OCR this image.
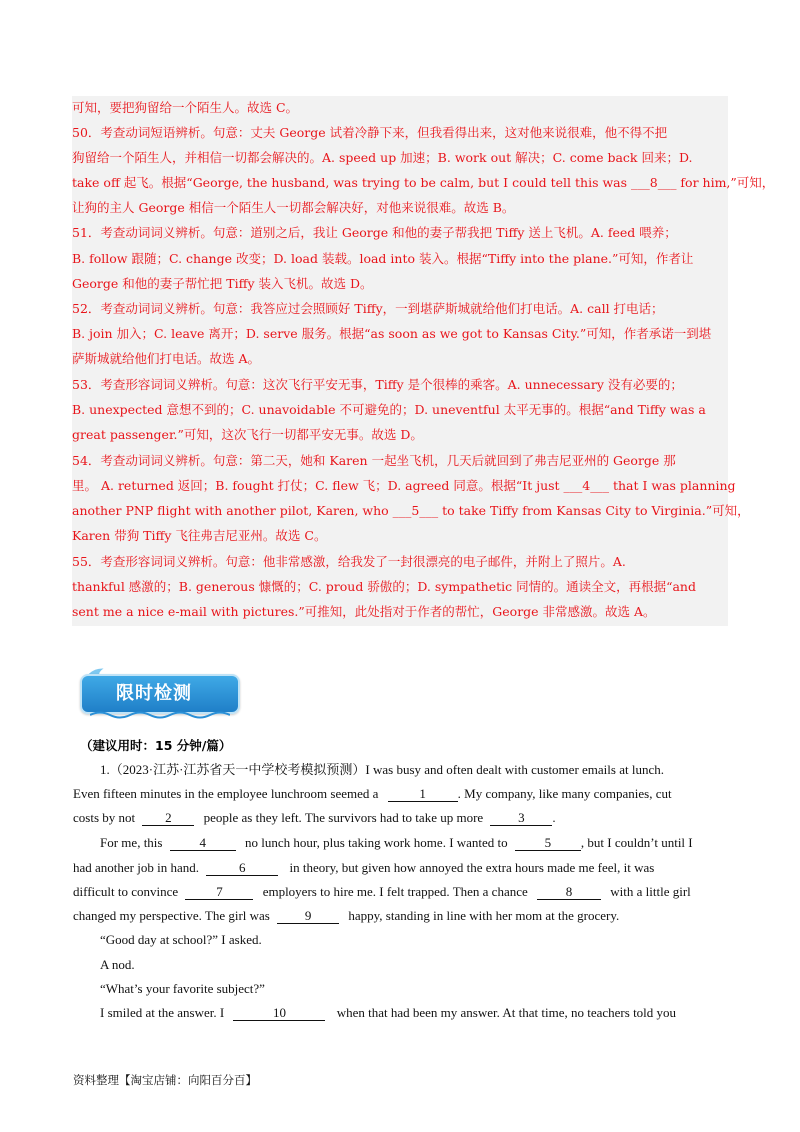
可知，要把狗留给一个陌生人。故选 C。
50．考查动词短语辨析。句意：丈夫 George 试着冷静下来，但我看得出来，这对他来说很难，他不得不把
狗留给一个陌生人，并相信一切都会解决的。A. speed up 加速；B. work out 解决；C. come back 回来；D.
take off 起飞。根据“George, the husband, was trying to be calm, but I could tell this was ___8___ for him,”可知，
让狗的主人 George 相信一个陌生人一切都会解决好，对他来说很难。故选 B。
51．考查动词词义辨析。句意：道别之后，我让 George 和他的妻子帮我把 Tiffy 送上飞机。A. feed 喂养；
B. follow 跟随；C. change 改变；D. load 装载。load into 装入。根据“Tiffy into the plane.”可知，作者让
George 和他的妻子帮忙把 Tiffy 装入飞机。故选 D。
52．考查动词词义辨析。句意：我答应过会照顾好 Tiffy，一到堪萨斯城就给他们打电话。A. call 打电话；
B. join 加入；C. leave 离开；D. serve 服务。根据“as soon as we got to Kansas City.”可知，作者承诺一到堪
萨斯城就给他们打电话。故选 A。
53．考查形容词词义辨析。句意：这次飞行平安无事，Tiffy 是个很棒的乘客。A. unnecessary 没有必要的；
B. unexpected 意想不到的；C. unavoidable 不可避免的；D. uneventful 太平无事的。根据“and Tiffy was a
great passenger.”可知，这次飞行一切都平安无事。故选 D。
54．考查动词词义辨析。句意：第二天，她和 Karen 一起坐飞机，几天后就回到了弗吉尼亚州的 George 那
里。 A. returned 返回；B. fought 打仗；C. flew 飞；D. agreed 同意。根据“It just ___4___ that I was planning
another PNP flight with another pilot, Karen, who ___5___ to take Tiffy from Kansas City to Virginia.”可知，
Karen 带狗 Tiffy 飞往弗吉尼亚州。故选 C。
55．考查形容词词义辨析。句意：他非常感激，给我发了一封很漂亮的电子邮件，并附上了照片。A.
thankful 感激的；B. generous 慷慨的；C. proud 骄傲的；D. sympathetic 同情的。通读全文，再根据“and
sent me a nice e-mail with pictures.”可推知，此处指对于作者的帮忙，George 非常感激。故选 A。
限时检测
（建议用时：15 分钟/篇）
1.（2023·江苏·江苏省天一中学校考模拟预测）I was busy and often dealt with customer emails at lunch.
Even fifteen minutes in the employee lunchroom seemed a	1 . My company, like many companies, cut
costs by not 2 people as they left. The survivors had to take up more	3 .
For me, this	4	no lunch hour, plus taking work home. I wanted to	5 , but I couldn’t until I
had another job in hand.	6	in theory, but given how annoyed the extra hours made me feel, it was
difficult to convince	7	employers to hire me. I felt trapped. Then a chance	8	with a little girl
changed my perspective. The girl was	9	happy, standing in line with her mom at the grocery.
“Good day at school?” I asked.
A nod.
“What’s your favorite subject?”
I smiled at the answer. I	10	when that had been my answer. At that time, no teachers told you
资料整理【淘宝店铺：向阳百分百】
